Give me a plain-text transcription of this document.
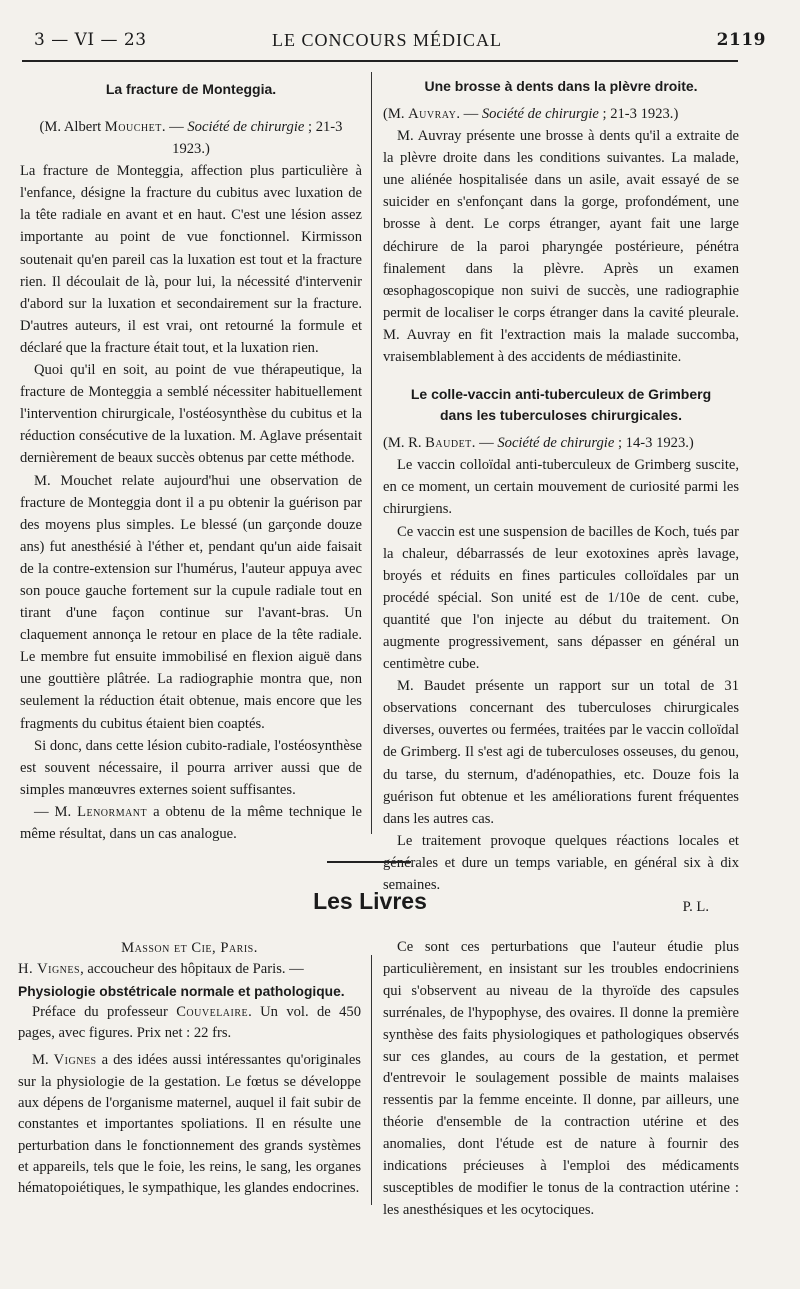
3 — VI — 23	LE CONCOURS MÉDICAL	2119
La fracture de Monteggia.

(M. Albert Mouchet. — Société de chirurgie ; 21-3 1923.)

La fracture de Monteggia, affection plus particulière à l'enfance, désigne la fracture du cubitus avec luxation de la tête radiale en avant et en haut. C'est une lésion assez importante au point de vue fonctionnel. Kirmisson soutenait qu'en pareil cas la luxation est tout et la fracture rien. Il découlait de là, pour lui, la nécessité d'intervenir d'abord sur la luxation et secondairement sur la fracture. D'autres auteurs, il est vrai, ont retourné la formule et déclaré que la fracture était tout, et la luxation rien.

Quoi qu'il en soit, au point de vue thérapeutique, la fracture de Monteggia a semblé nécessiter habituellement l'intervention chirurgicale, l'ostéosynthèse du cubitus et la réduction consécutive de la luxation. M. Aglave présentait dernièrement de beaux succès obtenus par cette méthode.

M. Mouchet relate aujourd'hui une observation de fracture de Monteggia dont il a pu obtenir la guérison par des moyens plus simples. Le blessé (un garçonde douze ans) fut anesthésié à l'éther et, pendant qu'un aide faisait de la contre-extension sur l'humérus, l'auteur appuya avec son pouce gauche fortement sur la cupule radiale tout en tirant d'une façon continue sur l'avant-bras. Un claquement annonça le retour en place de la tête radiale. Le membre fut ensuite immobilisé en flexion aiguë dans une gouttière plâtrée. La radiographie montra que, non seulement la réduction était obtenue, mais encore que les fragments du cubitus étaient bien coaptés.

Si donc, dans cette lésion cubito-radiale, l'ostéosynthèse est souvent nécessaire, il pourra arriver aussi que de simples manœuvres externes soient suffisantes.

— M. Lenormant a obtenu de la même technique le même résultat, dans un cas analogue.

Une brosse à dents dans la plèvre droite.

(M. Auvray. — Société de chirurgie ; 21-3 1923.)

M. Auvray présente une brosse à dents qu'il a extraite de la plèvre droite dans les conditions suivantes. La malade, une aliénée hospitalisée dans un asile, avait essayé de se suicider en s'enfonçant dans la gorge, profondément, une brosse à dent. Le corps étranger, ayant fait une large déchirure de la paroi pharyngée postérieure, pénétra finalement dans la plèvre. Après un examen œsophagoscopique non suivi de succès, une radiographie permit de localiser le corps étranger dans la cavité pleurale. M. Auvray en fit l'extraction mais la malade succomba, vraisemblablement à des accidents de médiastinite.

Le colle-vaccin anti-tuberculeux de Grimberg
dans les tuberculoses chirurgicales.

(M. R. Baudet. — Société de chirurgie ; 14-3 1923.)

Le vaccin colloïdal anti-tuberculeux de Grimberg suscite, en ce moment, un certain mouvement de curiosité parmi les chirurgiens.

Ce vaccin est une suspension de bacilles de Koch, tués par la chaleur, débarrassés de leur exotoxines après lavage, broyés et réduits en fines particules colloïdales par un procédé spécial. Son unité est de 1/10e de cent. cube, quantité que l'on injecte au début du traitement. On augmente progressivement, sans dépasser en général un centimètre cube.

M. Baudet présente un rapport sur un total de 31 observations concernant des tuberculoses chirurgicales diverses, ouvertes ou fermées, traitées par le vaccin colloïdal de Grimberg. Il s'est agi de tuberculoses osseuses, du genou, du tarse, du sternum, d'adénopathies, etc. Douze fois la guérison fut obtenue et les améliorations furent fréquentes dans les autres cas.

Le traitement provoque quelques réactions locales et générales et dure un temps variable, en général six à dix semaines.

P. L.

Les Livres

Masson et Cie, Paris.

H. Vignes, accoucheur des hôpitaux de Paris. —

Physiologie obstétricale normale et pathologique.

Préface du professeur Couvelaire. Un vol. de 450 pages, avec figures. Prix net : 22 frs.

M. Vignes a des idées aussi intéressantes qu'originales sur la physiologie de la gestation. Le fœtus se développe aux dépens de l'organisme maternel, auquel il fait subir de constantes et importantes spoliations. Il en résulte une perturbation dans le fonctionnement des grands systèmes et appareils, tels que le foie, les reins, le sang, les organes hématopoiétiques, le sympathique, les glandes endocrines.

Ce sont ces perturbations que l'auteur étudie plus particulièrement, en insistant sur les troubles endocriniens qui s'observent au niveau de la thyroïde des capsules surrénales, de l'hypophyse, des ovaires. Il donne la première synthèse des faits physiologiques et pathologiques observés sur ces glandes, au cours de la gestation, et permet d'entrevoir le soulagement possible de maints malaises ressentis par la femme enceinte. Il donne, par ailleurs, une théorie d'ensemble de la contraction utérine et des anomalies, dont l'étude est de nature à fournir des indications précieuses à l'emploi des médicaments susceptibles de modifier le tonus de la contraction utérine : les anesthésiques et les ocytociques.
